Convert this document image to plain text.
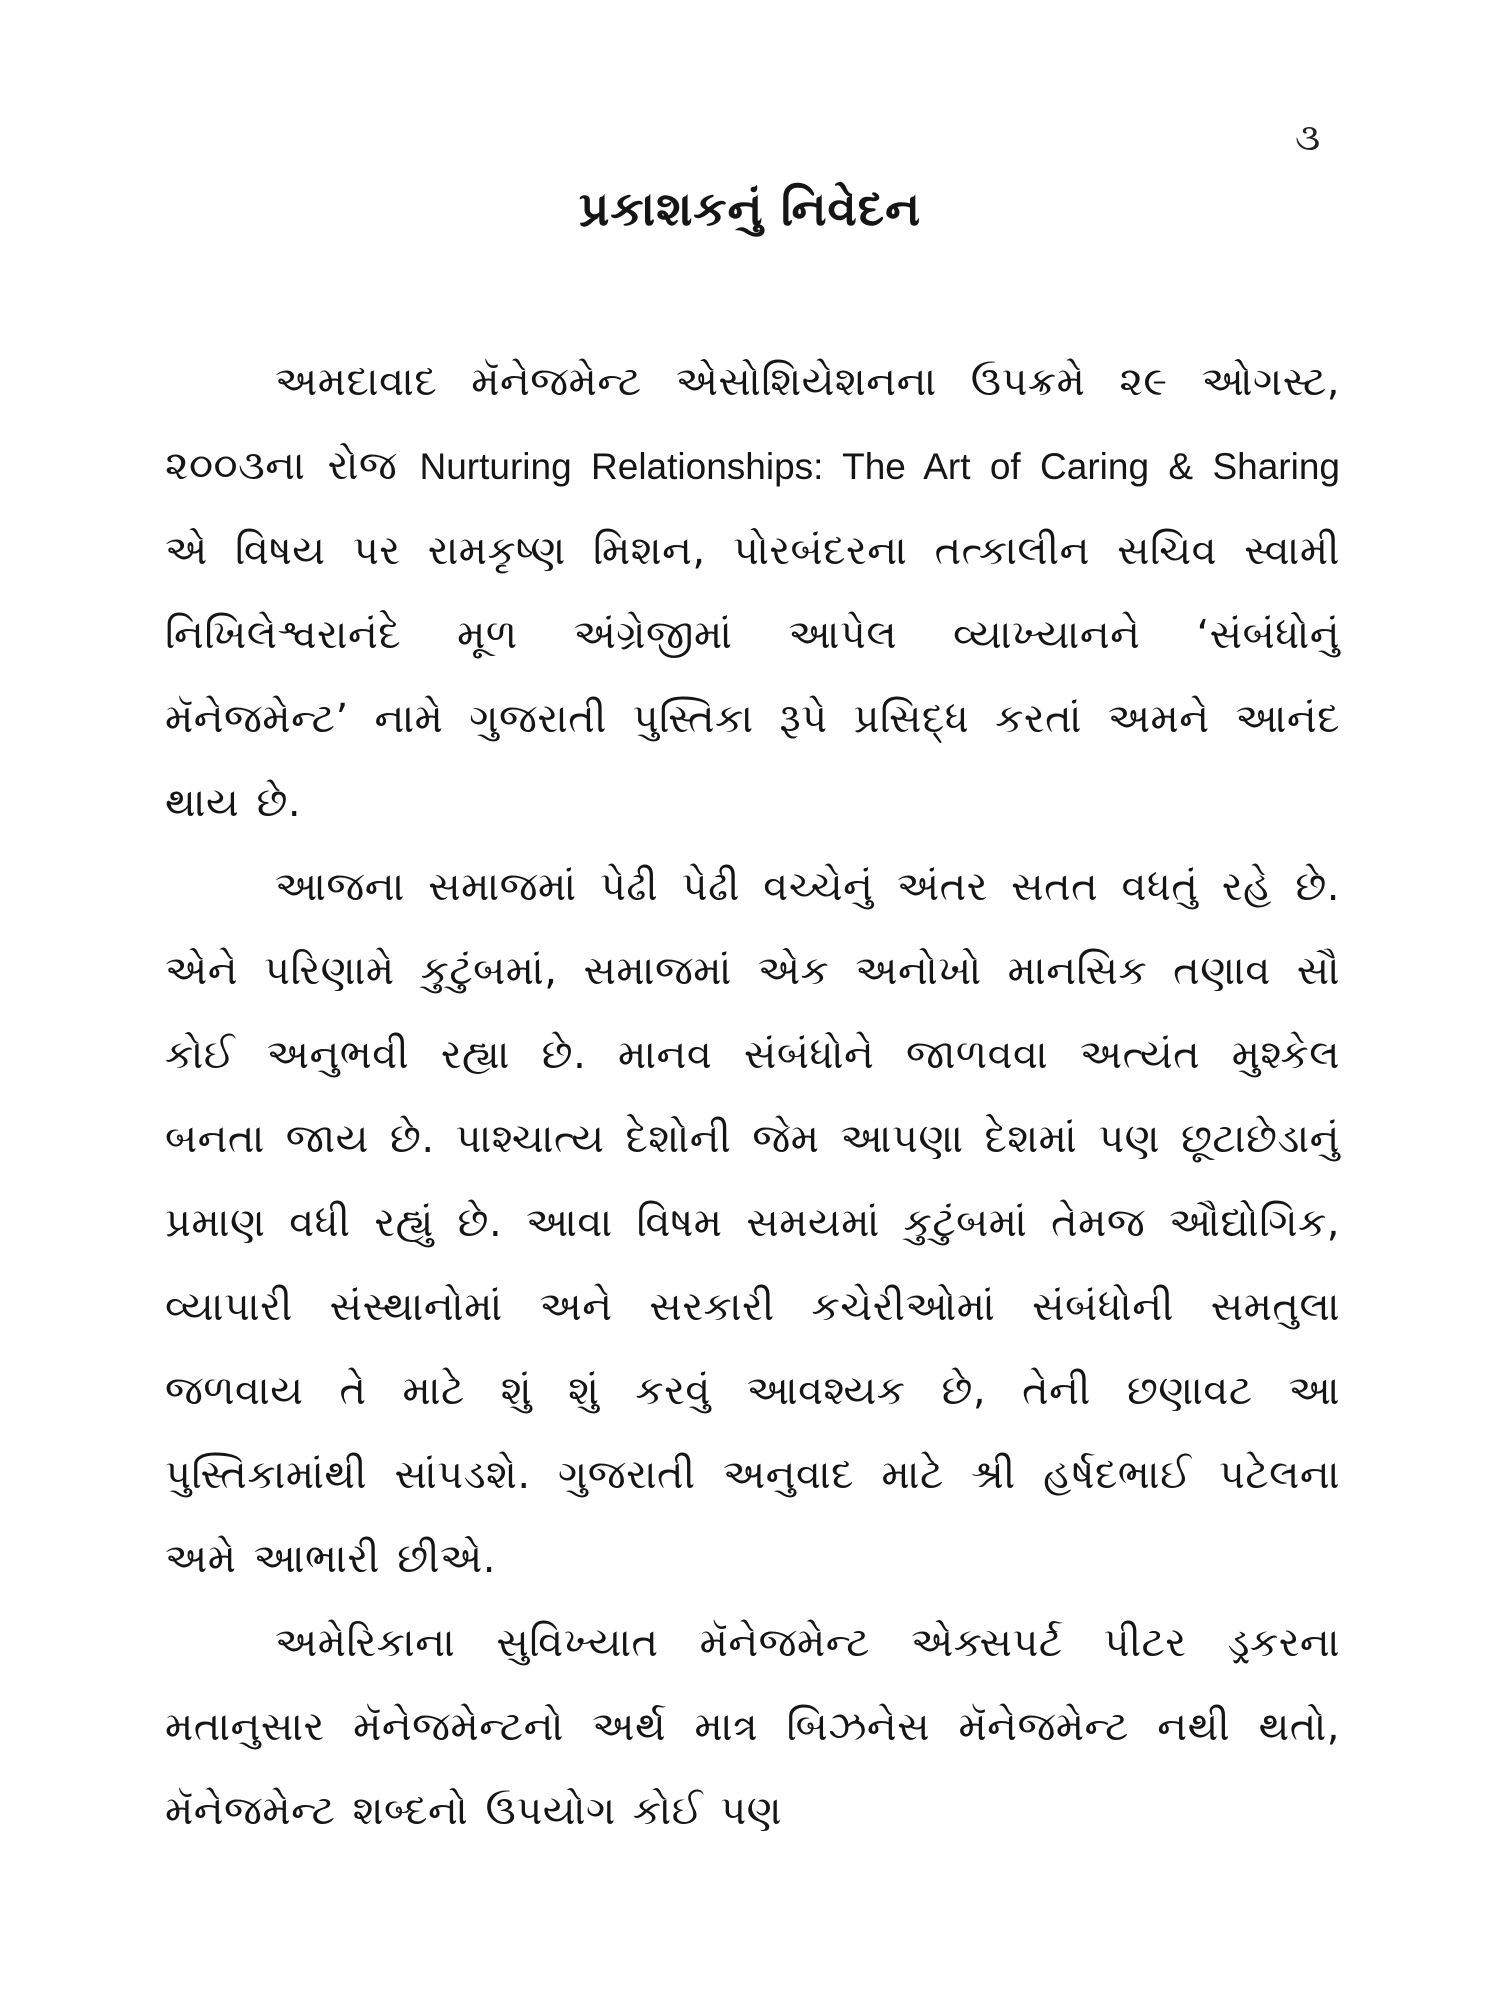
૩
પ્રકાશકનું નિવેદન

અમદાવાદ મૅનેજમેન્ટ એસોશિયેશનના ઉપક્રમે ૨૯ ઓગસ્ટ, ૨૦૦૩ના રોજ Nurturing Relationships: The Art of Caring & Sharing એ વિષય પર રામકૃષ્ણ મિશન, પોરબંદરના તત્કાલીન સચિવ સ્વામી નિખિલેશ્વરાનંદે મૂળ અંગ્રેજીમાં આપેલ વ્યાખ્યાનને ‘સંબંધોનું મૅનેજમેન્ટ’ નામે ગુજરાતી પુસ્તિકા રૂપે પ્રસિદ્ધ કરતાં અમને આનંદ થાય છે.

આજના સમાજમાં પેઢી પેઢી વચ્ચેનું અંતર સતત વધતું રહે છે. એને પરિણામે કુટુંબમાં, સમાજમાં એક અનોખો માનસિક તણાવ સૌ કોઈ અનુભવી રહ્યા છે. માનવ સંબંધોને જાળવવા અત્યંત મુશ્કેલ બનતા જાય છે. પાશ્ચાત્ય દેશોની જેમ આપણા દેશમાં પણ છૂટાછેડાનું પ્રમાણ વધી રહ્યું છે. આવા વિષમ સમયમાં કુટુંબમાં તેમજ ઔદ્યોગિક, વ્યાપારી સંસ્થાનોમાં અને સરકારી કચેરીઓમાં સંબંધોની સમતુલા જળવાય તે માટે શું શું કરવું આવશ્યક છે, તેની છણાવટ આ પુસ્તિકામાંથી સાંપડશે. ગુજરાતી અનુવાદ માટે શ્રી હર્ષદભાઈ પટેલના અમે આભારી છીએ.

અમેરિકાના સુવિખ્યાત મૅનેજમેન્ટ એક્સપર્ટ પીટર ડ્રકરના મતાનુસાર મૅનેજમેન્ટનો અર્થ માત્ર બિઝનેસ મૅનેજમેન્ટ નથી થતો, મૅનેજમેન્ટ શબ્દનો ઉપયોગ કોઈ પણ
